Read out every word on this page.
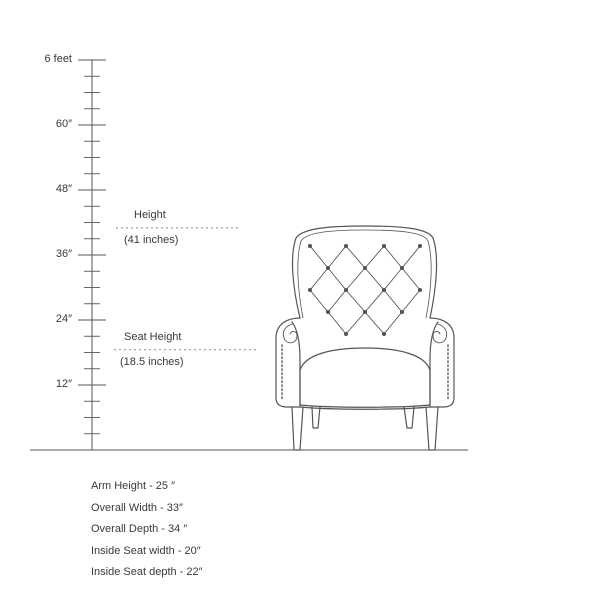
6 feet
60″
48″
36″
24″
12″
Height
(41 inches)
Seat Height
(18.5 inches)
Arm Height - 25 ″
Overall Width - 33″
Overall Depth - 34 ″
Inside Seat width - 20″
Inside Seat depth - 22″
